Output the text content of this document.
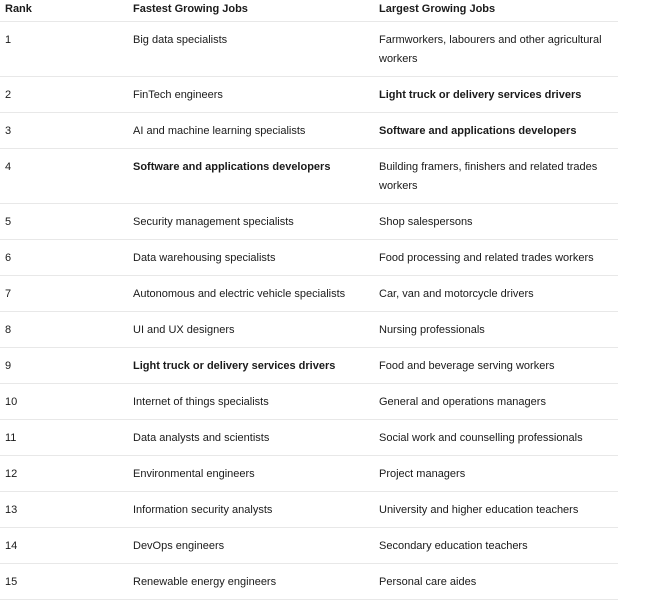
Rank	Fastest Growing Jobs	Largest Growing Jobs
1	Big data specialists	Farmworkers, labourers and other agricultural workers
2	FinTech engineers	Light truck or delivery services drivers
3	AI and machine learning specialists	Software and applications developers
4	Software and applications developers	Building framers, finishers and related trades workers
5	Security management specialists	Shop salespersons
6	Data warehousing specialists	Food processing and related trades workers
7	Autonomous and electric vehicle specialists	Car, van and motorcycle drivers
8	UI and UX designers	Nursing professionals
9	Light truck or delivery services drivers	Food and beverage serving workers
10	Internet of things specialists	General and operations managers
11	Data analysts and scientists	Social work and counselling professionals
12	Environmental engineers	Project managers
13	Information security analysts	University and higher education teachers
14	DevOps engineers	Secondary education teachers
15	Renewable energy engineers	Personal care aides
